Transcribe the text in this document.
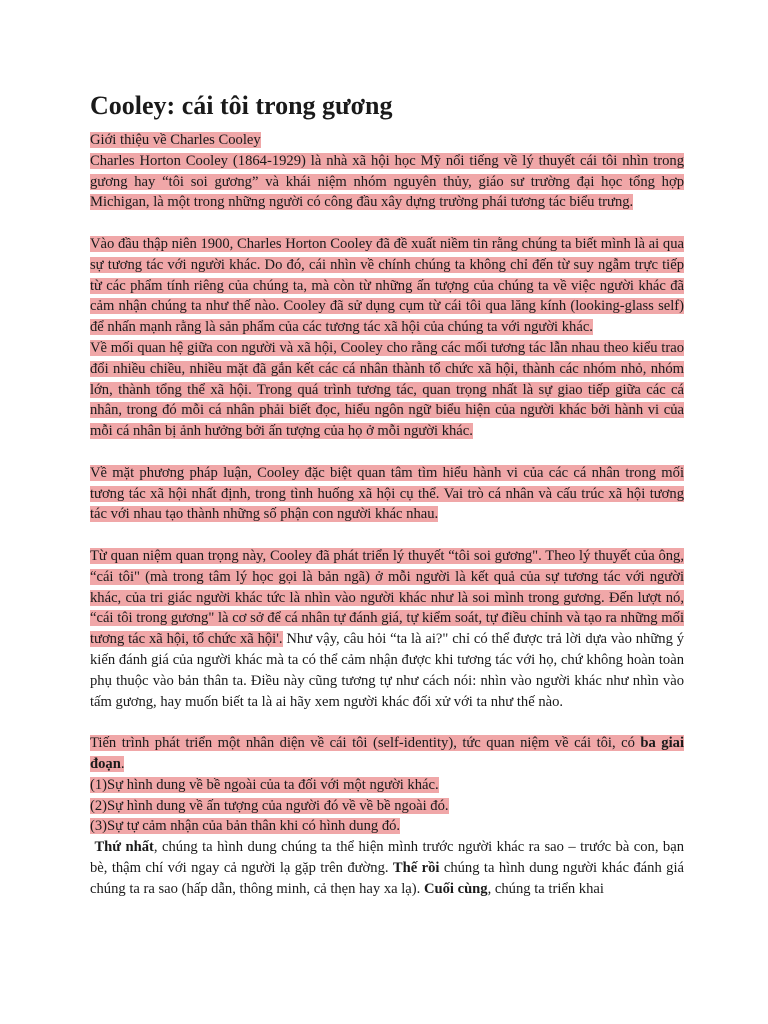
Cooley: cái tôi trong gương

Giới thiệu về Charles Cooley

Charles Horton Cooley (1864-1929) là nhà xã hội học Mỹ nổi tiếng về lý thuyết cái tôi nhìn trong gương hay “tôi soi gương” và khái niệm nhóm nguyên thủy, giáo sư trường đại học tổng hợp Michigan, là một trong những người có công đầu xây dựng trường phái tương tác biểu trưng.

Vào đầu thập niên 1900, Charles Horton Cooley đã đề xuất niềm tin rằng chúng ta biết mình là ai qua sự tương tác với người khác. Do đó, cái nhìn về chính chúng ta không chỉ đến từ suy ngẫm trực tiếp từ các phẩm tính riêng của chúng ta, mà còn từ những ấn tượng của chúng ta về việc người khác đã cảm nhận chúng ta như thế nào. Cooley đã sử dụng cụm từ cái tôi qua lăng kính (looking-glass self) để nhấn mạnh rằng là sản phẩm của các tương tác xã hội của chúng ta với người khác.

Về mối quan hệ giữa con người và xã hội, Cooley cho rằng các mối tương tác lẫn nhau theo kiểu trao đổi nhiều chiều, nhiều mặt đã gắn kết các cá nhân thành tổ chức xã hội, thành các nhóm nhỏ, nhóm lớn, thành tổng thể xã hội. Trong quá trình tương tác, quan trọng nhất là sự giao tiếp giữa các cá nhân, trong đó mỗi cá nhân phải biết đọc, hiểu ngôn ngữ biểu hiện của người khác bởi hành vi của mỗi cá nhân bị ảnh hưởng bởi ấn tượng của họ ở mỗi người khác.

Về mặt phương pháp luận, Cooley đặc biệt quan tâm tìm hiểu hành vi của các cá nhân trong mối tương tác xã hội nhất định, trong tình huống xã hội cụ thể. Vai trò cá nhân và cấu trúc xã hội tương tác với nhau tạo thành những số phận con người khác nhau.

Từ quan niệm quan trọng này, Cooley đã phát triển lý thuyết “tôi soi gương". Theo lý thuyết của ông, “cái tôi" (mà trong tâm lý học gọi là bản ngã) ở mỗi người là kết quả của sự tương tác với người khác, của tri giác người khác tức là nhìn vào người khác như là soi mình trong gương. Đến lượt nó, “cái tôi trong gương" là cơ sở để cá nhân tự đánh giá, tự kiểm soát, tự điều chỉnh và tạo ra những mối tương tác xã hội, tổ chức xã hội'. Như vậy, câu hỏi “ta là ai?" chỉ có thể được trả lời dựa vào những ý kiến đánh giá của người khác mà ta có thể cảm nhận được khi tương tác với họ, chứ không hoàn toàn phụ thuộc vào bản thân ta. Điều này cũng tương tự như cách nói: nhìn vào người khác như nhìn vào tấm gương, hay muốn biết ta là ai hãy xem người khác đối xử với ta như thế nào.

Tiến trình phát triển một nhân diện về cái tôi (self-identity), tức quan niệm về cái tôi, có ba giai đoạn.

(1)Sự hình dung về bề ngoài của ta đối với một người khác.

(2)Sự hình dung về ấn tượng của người đó về về bề ngoài đó.

(3)Sự tự cảm nhận của bản thân khi có hình dung đó.

Thứ nhất, chúng ta hình dung chúng ta thể hiện mình trước người khác ra sao – trước bà con, bạn bè, thậm chí với ngay cả người lạ gặp trên đường. Thế rồi chúng ta hình dung người khác đánh giá chúng ta ra sao (hấp dẫn, thông minh, cả thẹn hay xa lạ). Cuối cùng, chúng ta triển khai
